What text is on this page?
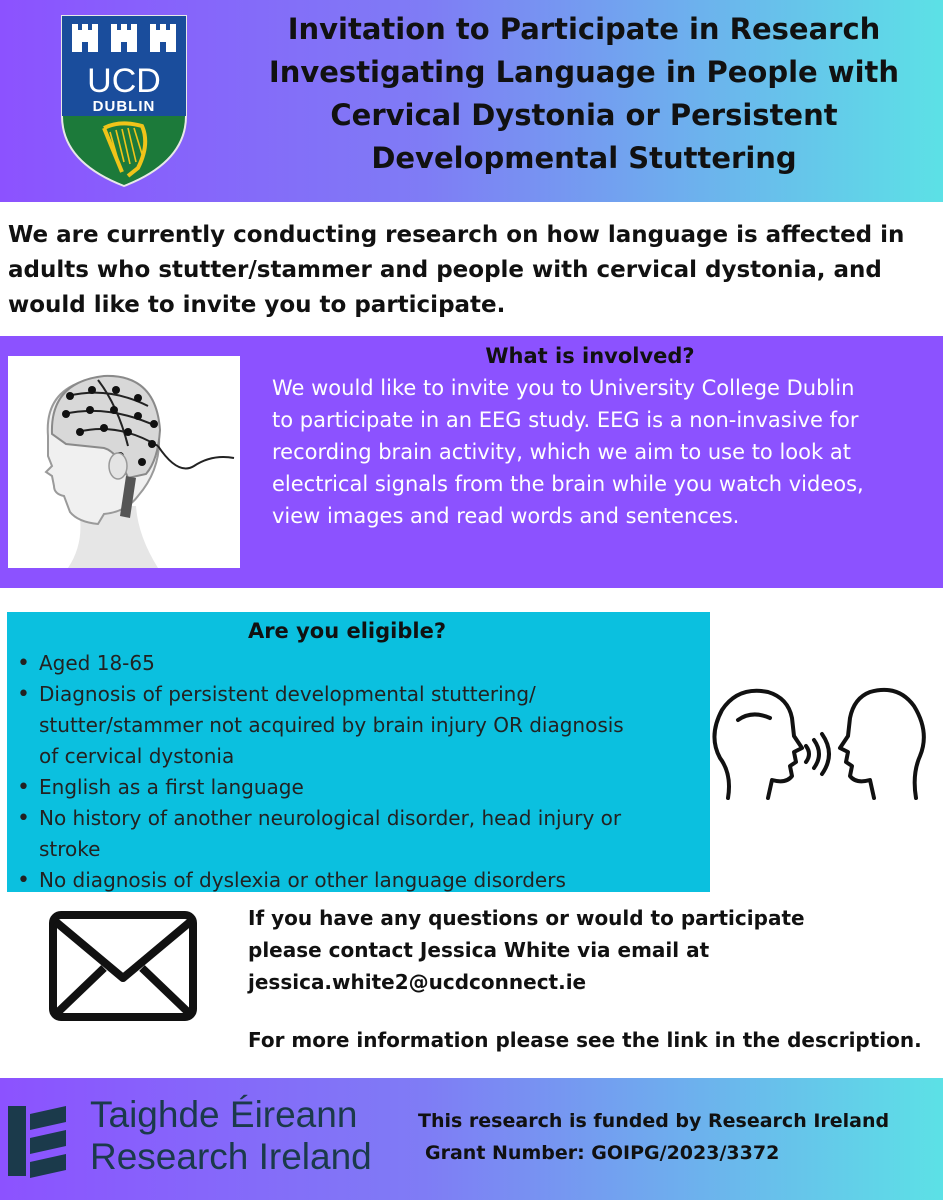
UCD
DUBLIN
Invitation to Participate in Research
Investigating Language in People with
Cervical Dystonia or Persistent
Developmental Stuttering

We are currently conducting research on how language is affected in
adults who stutter/stammer and people with cervical dystonia, and
would like to invite you to participate.

What is involved?

We would like to invite you to University College Dublin
to participate in an EEG study. EEG is a non-invasive for
recording brain activity, which we aim to use to look at
electrical signals from the brain while you watch videos,
view images and read words and sentences.

Are you eligible?
• Aged 18-65
• Diagnosis of persistent developmental stuttering/
stutter/stammer not acquired by brain injury OR diagnosis
of cervical dystonia
• English as a first language
• No history of another neurological disorder, head injury or
stroke
• No diagnosis of dyslexia or other language disorders

If you have any questions or would to participate
please contact Jessica White via email at
jessica.white2@ucdconnect.ie

For more information please see the link in the description.

Taighde Éireann
Research Ireland
This research is funded by Research Ireland
Grant Number: GOIPG/2023/3372
